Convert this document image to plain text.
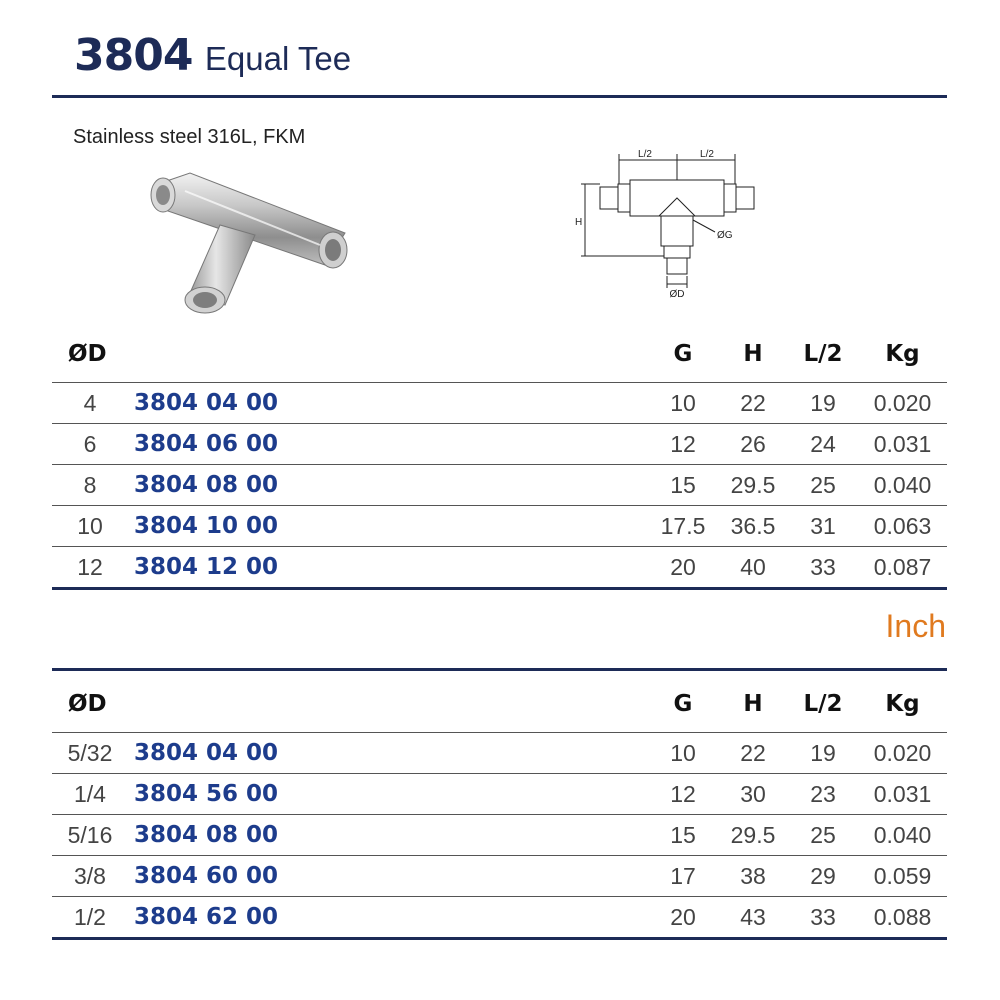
3804 Equal Tee
Stainless steel 316L, FKM
L/2	L/2
H
ØG
ØD
ØD		G	H	L/2	Kg
4	3804 04 00	10	22	19	0.020
6	3804 06 00	12	26	24	0.031
8	3804 08 00	15	29.5	25	0.040
10	3804 10 00	17.5	36.5	31	0.063
12	3804 12 00	20	40	33	0.087
Inch
ØD		G	H	L/2	Kg
5/32	3804 04 00	10	22	19	0.020
1/4	3804 56 00	12	30	23	0.031
5/16	3804 08 00	15	29.5	25	0.040
3/8	3804 60 00	17	38	29	0.059
1/2	3804 62 00	20	43	33	0.088
